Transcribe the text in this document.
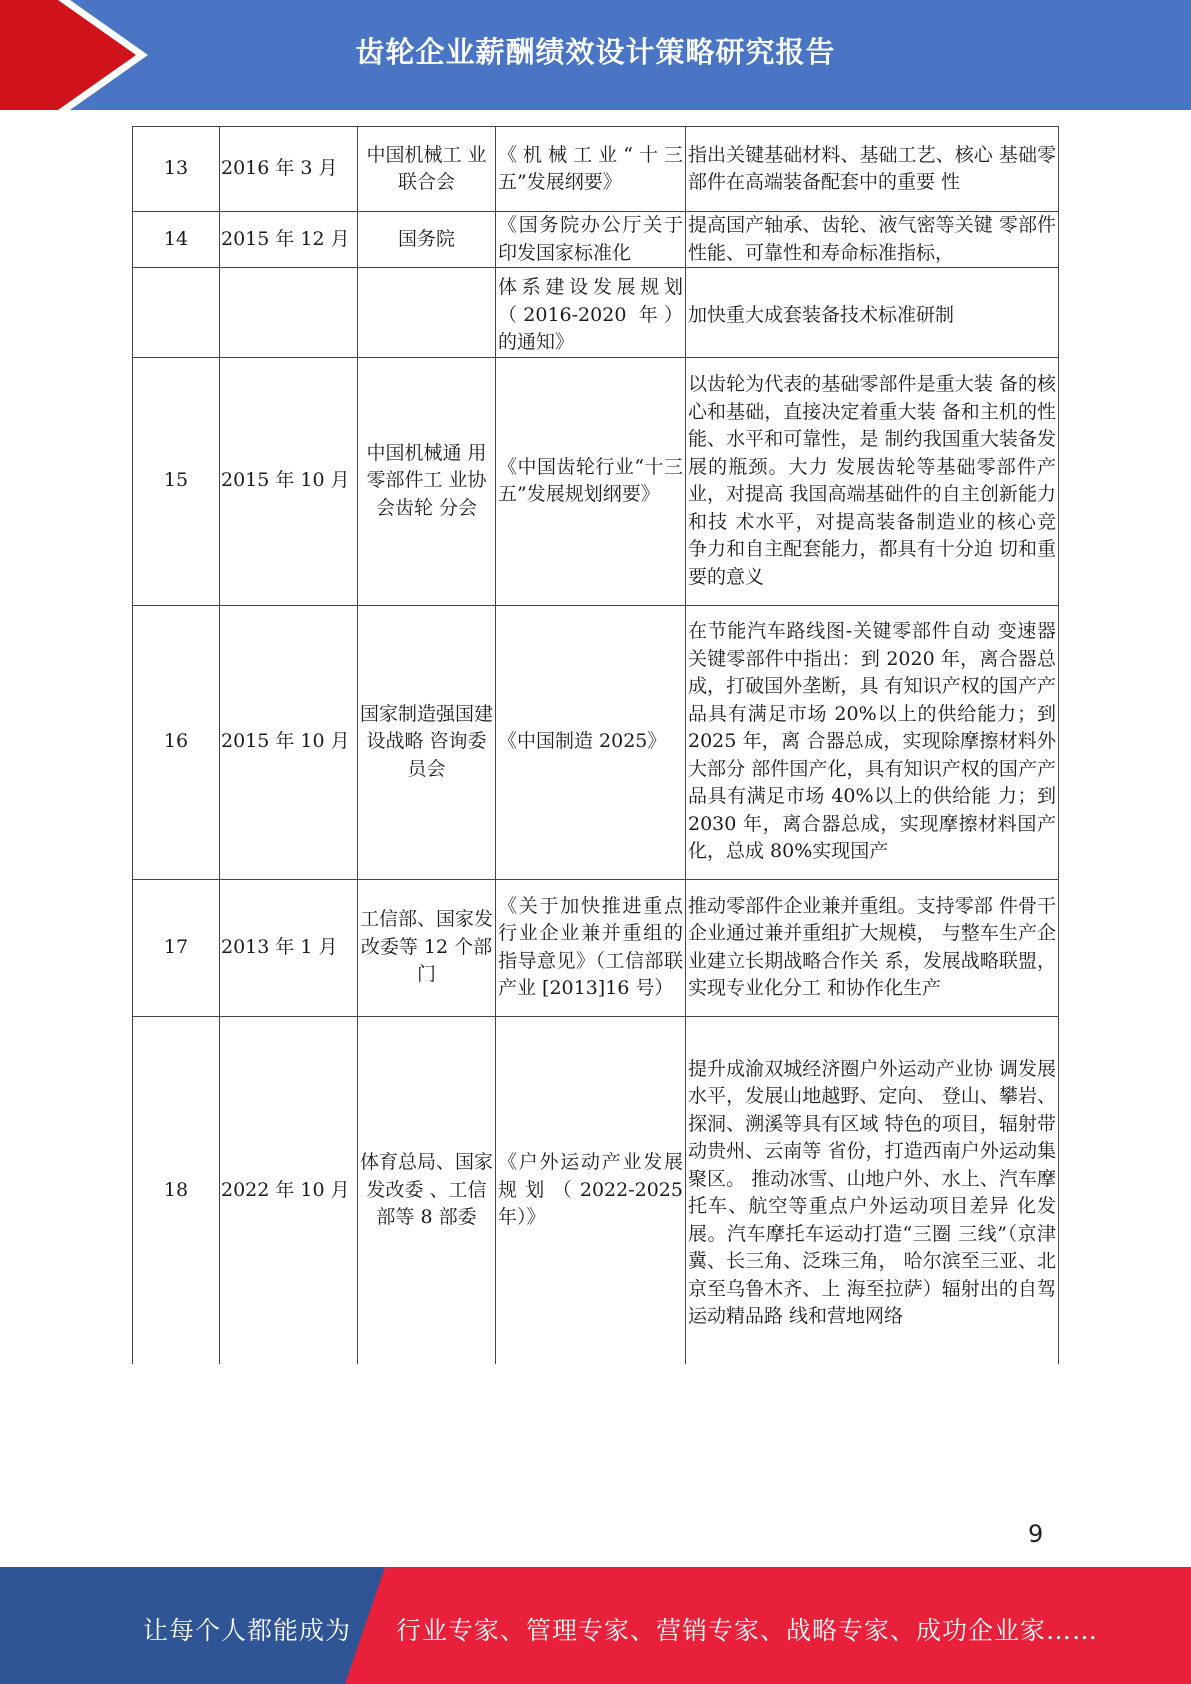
齿轮企业薪酬绩效设计策略研究报告
13	2016 年 3 月	中国机械工 业联合会	《机械工业“十三五”发展纲要》	指出关键基础材料、基础工艺、核心 基础零部件在高端装备配套中的重要 性
14	2015 年 12 月	国务院	《国务院办公厅关于印发国家标准化	提高国产轴承、齿轮、液气密等关键 零部件性能、可靠性和寿命标准指标，
			体系建设发展规划（2016-2020 年） 的通知》	加快重大成套装备技术标准研制
15	2015 年 10 月	中国机械通 用零部件工 业协会齿轮 分会	《中国齿轮行业“十三五”发展规划纲要》	以齿轮为代表的基础零部件是重大装 备的核心和基础，直接决定着重大装 备和主机的性能、水平和可靠性，是 制约我国重大装备发展的瓶颈。大力 发展齿轮等基础零部件产业，对提高 我国高端基础件的自主创新能力和技 术水平，对提高装备制造业的核心竞 争力和自主配套能力，都具有十分迫 切和重要的意义
16	2015 年 10 月	国家制造强国建设战略 咨询委员会	《中国制造 2025》	在节能汽车路线图-关键零部件自动 变速器关键零部件中指出：到 2020 年，离合器总成，打破国外垄断，具 有知识产权的国产产品具有满足市场 20%以上的供给能力；到 2025 年，离 合器总成，实现除摩擦材料外大部分 部件国产化，具有知识产权的国产产 品具有满足市场 40%以上的供给能 力；到 2030 年，离合器总成，实现摩擦材料国产化，总成 80%实现国产
17	2013 年 1 月	工信部、国家发改委等 12 个部门	《关于加快推进重点行业企业兼并重组的指导意见》（工信部联产业 [2013]16 号）	推动零部件企业兼并重组。支持零部 件骨干企业通过兼并重组扩大规模， 与整车生产企业建立长期战略合作关 系，发展战略联盟，实现专业化分工 和协作化生产
18	2022 年 10 月	体育总局、国家发改委 、工信部等 8 部委	《户外运动产业发展规划（2022-2025 年）》	提升成渝双城经济圈户外运动产业协 调发展水平，发展山地越野、定向、 登山、攀岩、探洞、溯溪等具有区域 特色的项目，辐射带动贵州、云南等 省份，打造西南户外运动集聚区。 推动冰雪、山地户外、水上、汽车摩 托车、航空等重点户外运动项目差异 化发展。汽车摩托车运动打造“三圈 三线”（京津冀、长三角、泛珠三角， 哈尔滨至三亚、北京至乌鲁木齐、上 海至拉萨）辐射出的自驾运动精品路 线和营地网络
9
让每个人都能成为 行业专家、管理专家、营销专家、战略专家、成功企业家……
